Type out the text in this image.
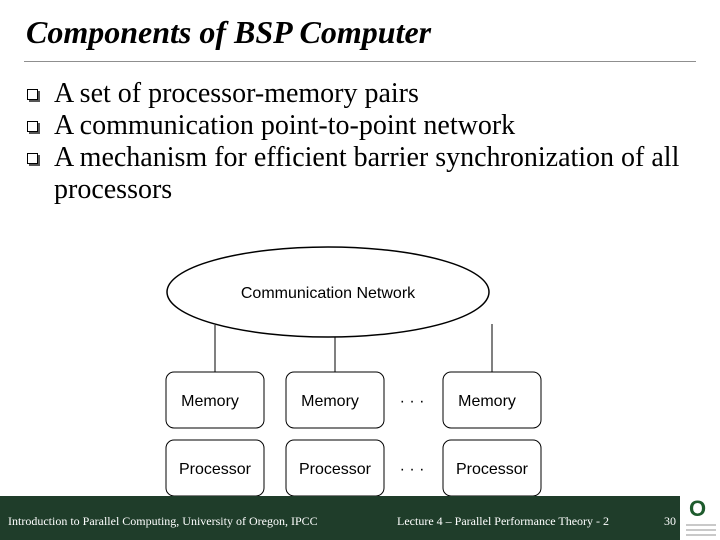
Components of BSP Computer
A set of processor-memory pairs
A communication point-to-point network
A mechanism for efficient barrier synchronization of all processors
Communication Network
Memory
Processor
Memory
Processor
· · ·
· · ·
Memory
Processor
Introduction to Parallel Computing, University of Oregon, IPCC	Lecture 4 – Parallel Performance Theory - 2	30 O
